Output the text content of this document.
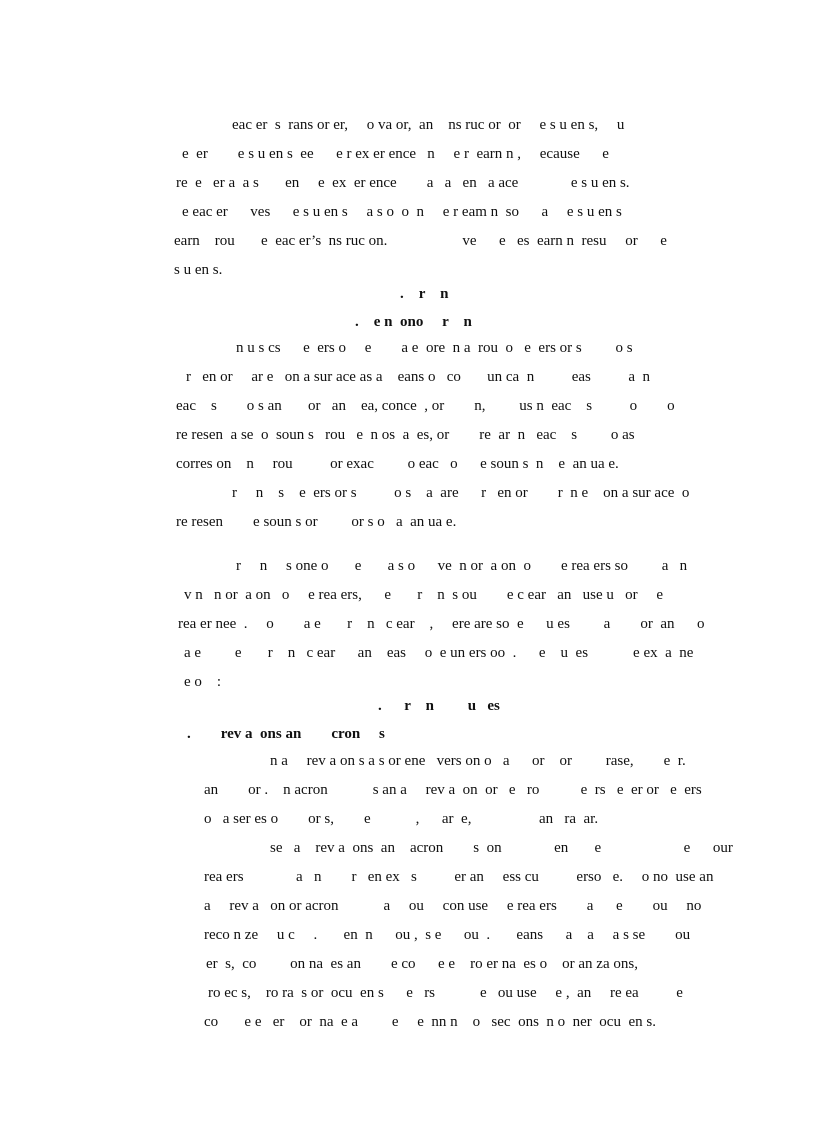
eac er  s  rans or er,     o va or,  an    ns ruc or  or     e s u en s,     u
e  er        e s u en s  ee      e r ex er ence   n     e r  earn n ,     ecause      e
re  e   er a  a s       en     e  ex  er ence        a   a   en   a ace              e s u en s.
e eac er      ves      e s u en s     a s o  o  n     e r eam n  so      a     e s u en s
earn    rou       e  eac er’s  ns ruc on.                    ve      e   es  earn n  resu     or      e
s u en s.
.    r    n
.    e n  ono     r    n
n u s cs      e  ers o     e        a e  ore  n a  rou  o   e  ers or s         o s
r   en or     ar e   on a sur ace as a    eans o   co       un ca  n          eas          a  n
eac    s        o s an       or   an    ea, conce  , or        n,         us n  eac    s          o        o
re resen  a se  o  soun s   rou   e  n os  a  es, or        re  ar  n   eac    s         o as
corres on    n     rou          or exac         o eac   o      e soun s  n    e  an ua e.
r     n    s    e  ers or s          o s    a  are      r   en or        r  n e    on a sur ace  o
re resen        e soun s or         or s o   a  an ua e.
r     n     s one o       e       a s o      ve  n or  a on  o        e rea ers so         a   n
v n   n or  a on   o     e rea ers,      e       r    n  s ou        e c ear   an   use u   or     e
rea er nee  .     o        a e       r    n   c ear    ,     ere are so  e      u es         a        or  an      o
a e         e       r    n   c ear      an    eas     o  e un ers oo  .      e    u  es            e ex  a  ne
e o    :
.      r    n         u   es
.        rev a  ons an        cron     s
n a     rev a on s a s or ene   vers on o   a      or    or         rase,        e  r.
an        or .    n acron            s an a     rev a  on  or   e   ro           e  rs   e  er or   e  ers
o   a ser es o        or s,        e            ,      ar  e,                  an   ra  ar.
se   a    rev a  ons  an    acron        s  on              en       e                      e      our
rea ers              a   n        r   en ex   s          er an     ess cu          erso   e.     o no  use an
a     rev a   on or acron            a     ou     con use     e rea ers        a      e        ou     no
reco n ze     u c     .       en  n      ou ,  s e      ou  .       eans      a    a     a s se        ou
er  s,  co         on na  es an        e co      e e    ro er na  es o    or an za ons,
ro ec s,    ro ra  s or  ocu  en s      e   rs            e   ou use     e ,  an     re ea          e
co       e e   er    or  na  e a         e     e  nn n    o   sec  ons  n o  ner  ocu  en s.
